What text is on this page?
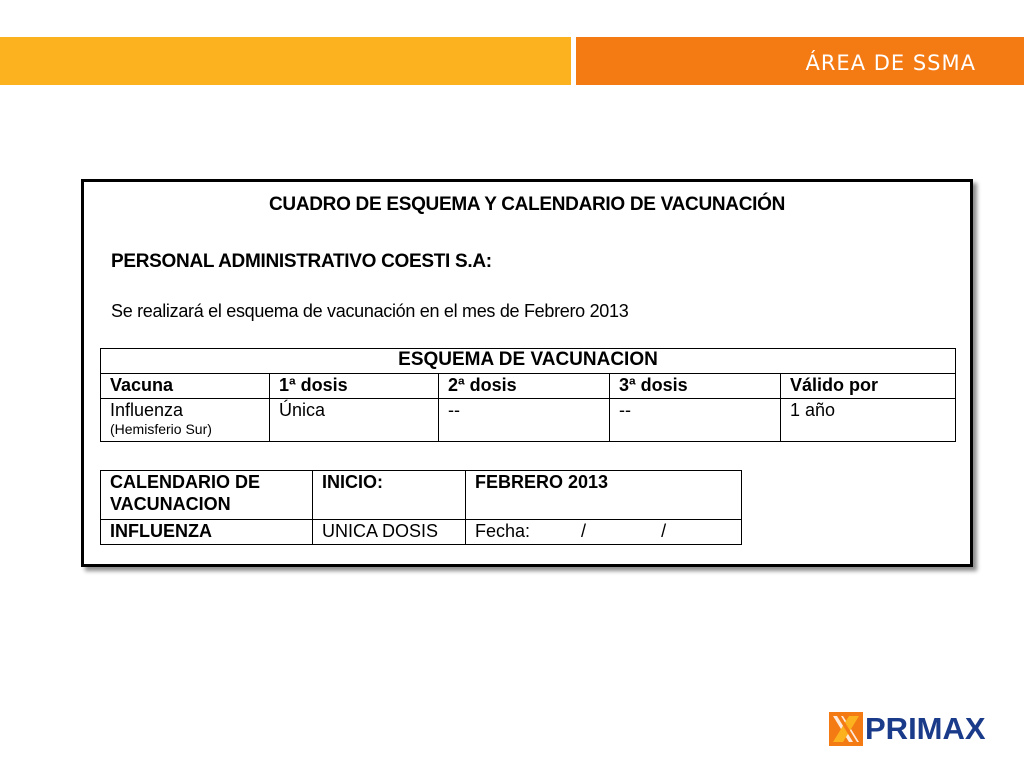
ÁREA DE SSMA
CUADRO DE ESQUEMA Y CALENDARIO DE VACUNACIÓN
PERSONAL ADMINISTRATIVO COESTI S.A:
Se realizará el esquema de vacunación en el mes de Febrero 2013
ESQUEMA DE VACUNACION				
Vacuna	1ª dosis	2ª dosis	3ª dosis	Válido por
Influenza
(Hemisferio Sur)	Única	--	--	1 año
CALENDARIO DE VACUNACION	INICIO:	FEBRERO 2013
INFLUENZA	UNICA DOSIS	Fecha: / /
PRIMAX
